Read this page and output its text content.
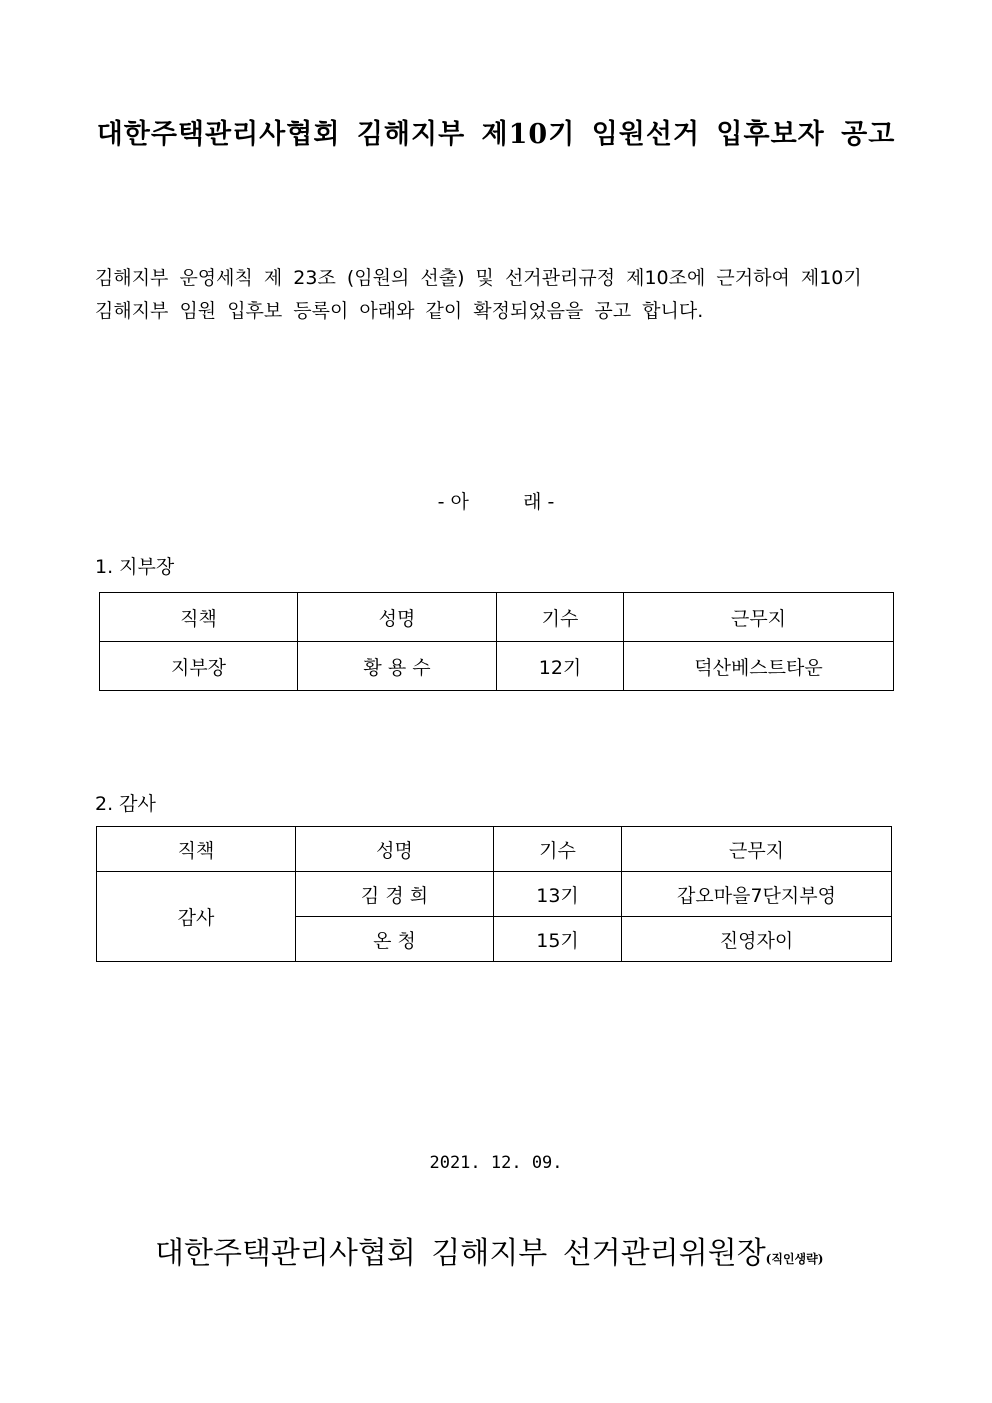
대한주택관리사협회 김해지부 제10기 임원선거 입후보자 공고
김해지부 운영세칙 제 23조 (임원의 선출) 및 선거관리규정 제10조에 근거하여 제10기
김해지부 임원 입후보 등록이 아래와 같이 확정되었음을 공고 합니다.
- 아         래 -
1. 지부장
직책	성명	기수	근무지
지부장	황 용 수	12기	덕산베스트타운
2. 감사
직책	성명	기수	근무지
감사	김 경 희	13기	갑오마을7단지부영
	온 청	15기	진영자이
2021. 12. 09.
대한주택관리사협회 김해지부 선거관리위원장(직인생략)
